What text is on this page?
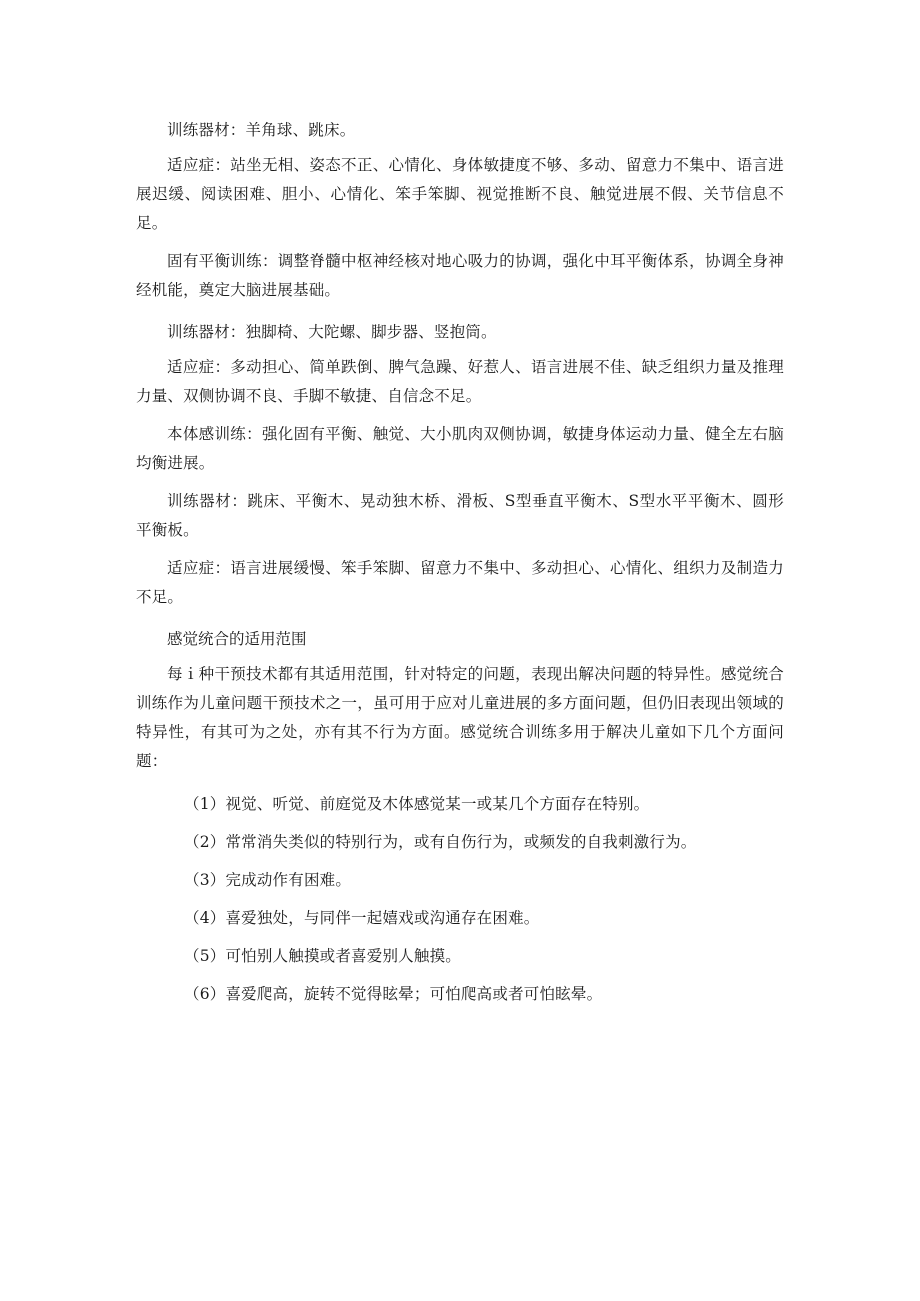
训练器材：羊角球、跳床。

适应症：站坐无相、姿态不正、心情化、身体敏捷度不够、多动、留意力不集中、语言进展迟缓、阅读困难、胆小、心情化、笨手笨脚、视觉推断不良、触觉进展不假、关节信息不足。

固有平衡训练：调整脊髓中枢神经核对地心吸力的协调，强化中耳平衡体系，协调全身神经机能，奠定大脑进展基础。

训练器材：独脚椅、大陀螺、脚步器、竖抱筒。

适应症：多动担心、简单跌倒、脾气急躁、好惹人、语言进展不佳、缺乏组织力量及推理力量、双侧协调不良、手脚不敏捷、自信念不足。

本体感训练：强化固有平衡、触觉、大小肌肉双侧协调，敏捷身体运动力量、健全左右脑均衡进展。

训练器材：跳床、平衡木、晃动独木桥、滑板、S型垂直平衡木、S型水平平衡木、圆形平衡板。

适应症：语言进展缓慢、笨手笨脚、留意力不集中、多动担心、心情化、组织力及制造力不足。

感觉统合的适用范围

每ｉ种干预技术都有其适用范围，针对特定的问题，表现出解决问题的特异性。感觉统合训练作为儿童问题干预技术之一，虽可用于应对儿童进展的多方面问题，但仍旧表现出领域的特异性，有其可为之处，亦有其不行为方面。感觉统合训练多用于解决儿童如下几个方面问题：

（1）视觉、听觉、前庭觉及木体感觉某一或某几个方面存在特别。

（2）常常消失类似的特别行为，或有自伤行为，或频发的自我刺激行为。

（3）完成动作有困难。

（4）喜爱独处，与同伴一起嬉戏或沟通存在困难。

（5）可怕别人触摸或者喜爱别人触摸。

（6）喜爱爬高，旋转不觉得眩晕；可怕爬高或者可怕眩晕。
